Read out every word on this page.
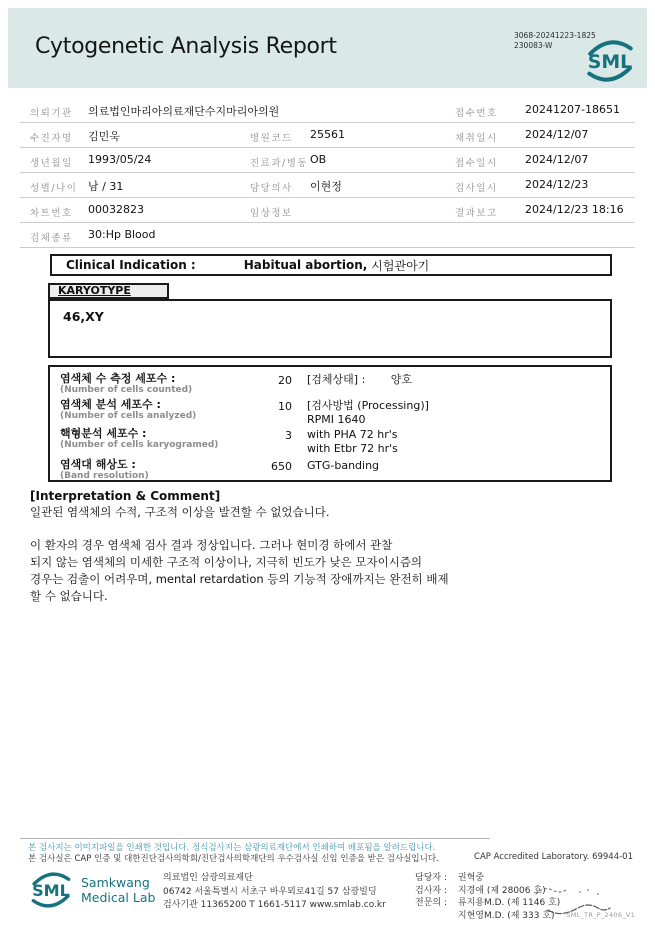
Cytogenetic Analysis Report	3068-20241223-1825
230083-W
SML
의뢰기관 의료법인마리아의료재단수지마리아의원	접수번호 20241207-18651
수진자명 김민욱	병원코드 25561	채취일시 2024/12/07
생년월일 1993/05/24	진료과/병동 OB	접수일시 2024/12/07
성별/나이 남 / 31	담당의사 이현정	검사일시 2024/12/23
차트번호 00032823	임상정보	결과보고 2024/12/23 18:16
검체종류 30:Hp Blood
Clinical Indication :	Habitual abortion, 시험관아기
KARYOTYPE
46,XY
염색체 수 측정 세포수 :
(Number of cells counted)
20 [검체상태] : 양호
염색체 분석 세포수 :
(Number of cells analyzed)
10 [검사방법 (Processing)]
RPMI 1640
핵형분석 세포수 :
(Number of cells karyogramed)
3 with PHA 72 hr's
with Etbr 72 hr's
염색대 해상도 :
(Band resolution)
650 GTG-banding
[Interpretation & Comment]
일관된 염색체의 수적, 구조적 이상을 발견할 수 없었습니다.
이 환자의 경우 염색체 검사 결과 정상입니다. 그러나 현미경 하에서 관찰
되지 않는 염색체의 미세한 구조적 이상이나, 지극히 빈도가 낮은 모자이시즘의
경우는 검출이 어려우며, mental retardation 등의 기능적 장애까지는 완전히 배제
할 수 없습니다.
본 검사지는 이미지파일을 인쇄한 것입니다. 정식검사지는 삼광의료재단에서 인쇄하여 배포됨을 알려드립니다.
본 검사실은 CAP 인증 및 대한진단검사의학회/진단검사의학재단의 우수검사실 신임 인증을 받은 검사실입니다.	CAP Accredited Laboratory. 69944-01
SML Samkwang
Medical Lab
의료법인 삼광의료재단
06742 서울특별시 서초구 바우뫼로41길 57 삼광빌딩
검사기관 11365200 T 1661-5117 www.smlab.co.kr
담당자 : 권혁중
검사자 : 지경애 (제 28006 호)
전문의 : 류지용M.D. (제 1146 호)
지현영M.D. (제 333 호)	SML_TR_P_2406_V1
